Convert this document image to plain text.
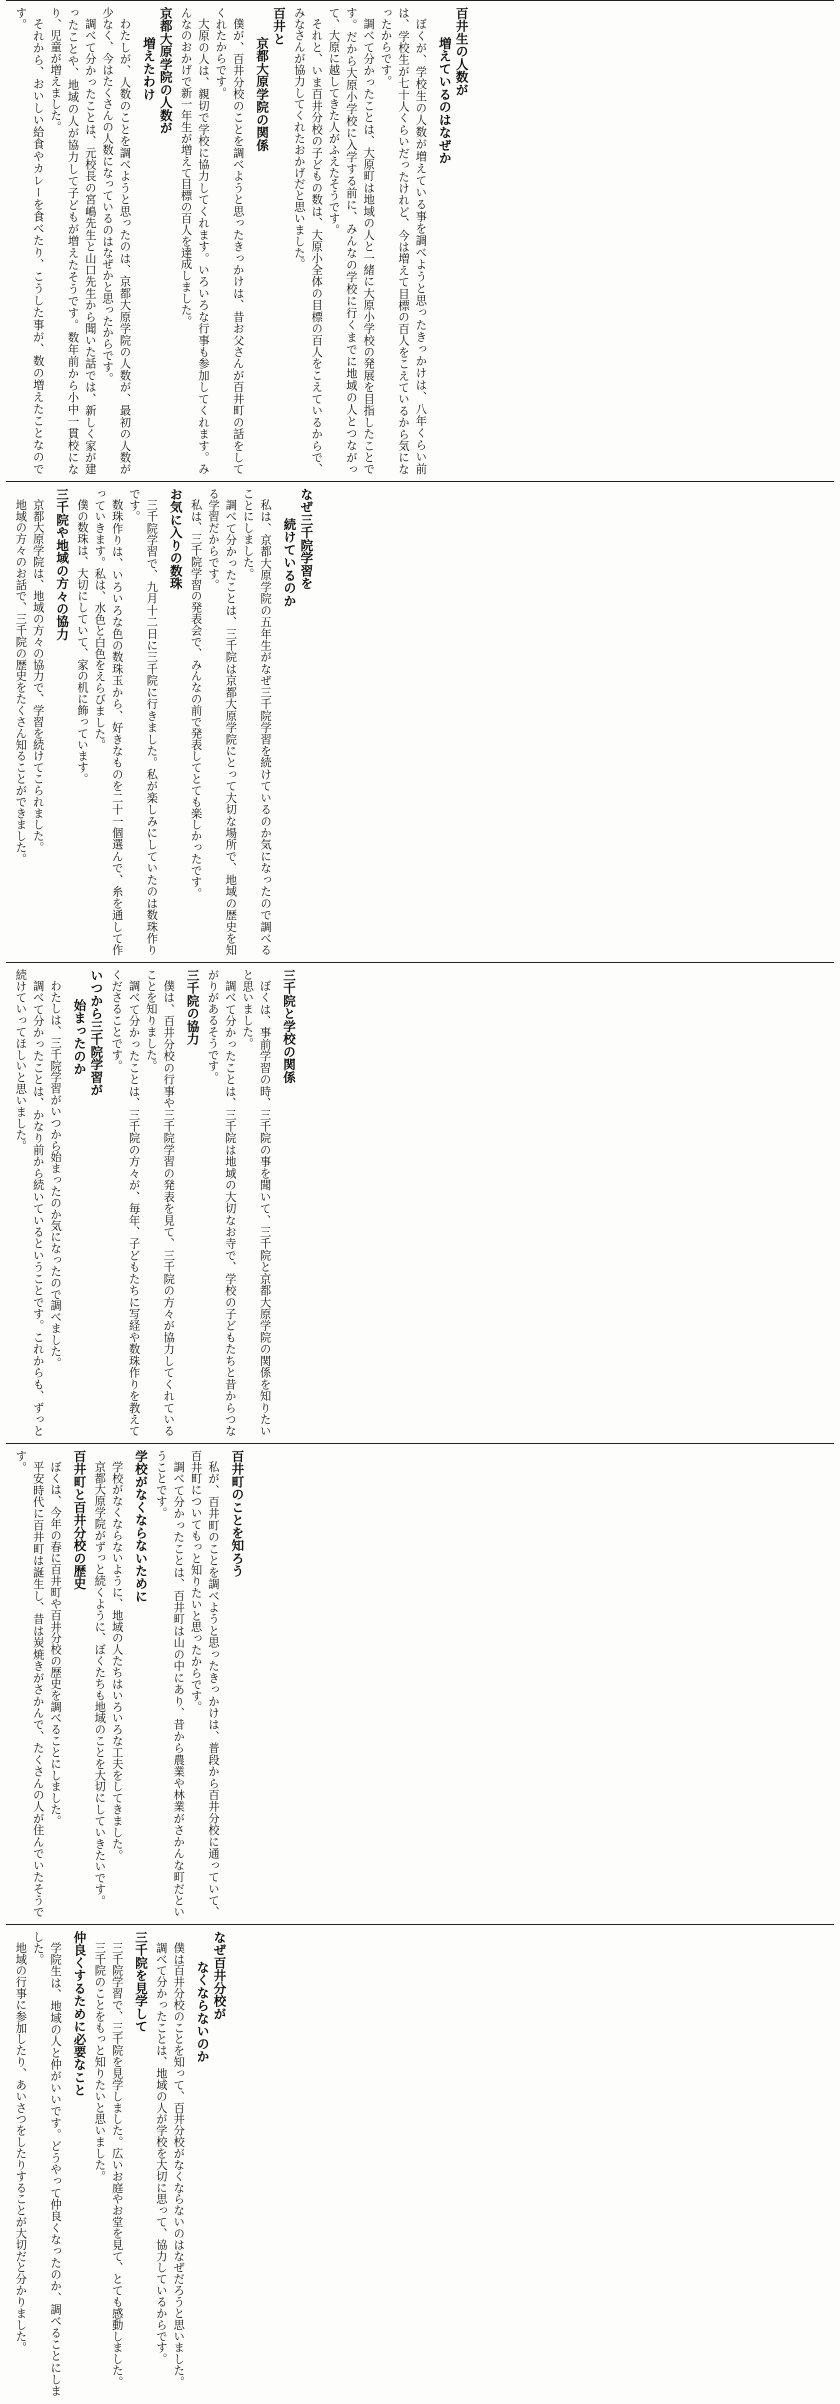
百井生の人数が
増えているのはなぜか
ぼくが、学校生の人数が増えている事を調べようと思ったきっかけは、八年くらい前は、学校生が七十人くらいだったけれど、今は増えて目標の百人をこえているから気になったからです。
調べて分かったことは、大原町は地域の人と一緒に大原小学校の発展を目指したことです。だから大原小学校に入学する前に、みんなの学校に行くまでに地域の人とつながって、大原に越してきた人がふえたそうです。
それと、いま百井分校の子どもの数は、大原小全体の目標の百人をこえているからで、みなさんが協力してくれたおかげだと思いました。
百井と
京都大原学院の関係
僕が、百井分校のことを調べようと思ったきっかけは、昔お父さんが百井町の話をしてくれたからです。
大原の人は、親切で学校に協力してくれます。いろいろな行事も参加してくれます。みんなのおかげで新一年生が増えて目標の百人を達成しました。
京都大原学院の人数が
増えたわけ
わたしが、人数のことを調べようと思ったのは、京都大原学院の人数が、最初の人数が少なく、今はたくさんの人数になっているのはなぜかと思ったからです。
調べて分かったことは、元校長の宮嶋先生と山口先生から聞いた話では、新しく家が建ったことや、地域の人が協力して子どもが増えたそうです。数年前から小中一貫校になり、児童が増えました。
それから、おいしい給食やカレーを食べたり、こうした事が、数の増えたことなのです。
なぜ三千院学習を
続けているのか
私は、京都大原学院の五年生がなぜ三千院学習を続けているのか気になったので調べることにしました。
調べて分かったことは、三千院は京都大原学院にとって大切な場所で、地域の歴史を知る学習だからです。
私は、三千院学習の発表会で、みんなの前で発表してとても楽しかったです。
お気に入りの数珠
三千院学習で、九月十二日に三千院に行きました。私が楽しみにしていたのは数珠作りです。
数珠作りは、いろいろな色の数珠玉から、好きなものを二十一個選んで、糸を通して作っていきます。私は、水色と白色をえらびました。
僕の数珠は、大切にしていて、家の机に飾っています。
三千院や地域の方々の協力
京都大原学院は、地域の方々の協力で、学習を続けてこられました。
地域の方々のお話で、三千院の歴史をたくさん知ることができました。
三千院と学校の関係
ぼくは、事前学習の時、三千院の事を聞いて、三千院と京都大原学院の関係を知りたいと思いました。
調べて分かったことは、三千院は地域の大切なお寺で、学校の子どもたちと昔からつながりがあるそうです。
三千院の協力
僕は、百井分校の行事や三千院学習の発表を見て、三千院の方々が協力してくれていることを知りました。
調べて分かったことは、三千院の方々が、毎年、子どもたちに写経や数珠作りを教えてくださることです。
いつから三千院学習が
始まったのか
わたしは、三千院学習がいつから始まったのか気になったので調べました。
調べて分かったことは、かなり前から続いているということです。これからも、ずっと続けていってほしいと思いました。
百井町のことを知ろう
私が、百井町のことを調べようと思ったきっかけは、普段から百井分校に通っていて、百井町についてもっと知りたいと思ったからです。
調べて分かったことは、百井町は山の中にあり、昔から農業や林業がさかんな町だということです。
学校がなくならないために
学校がなくならないように、地域の人たちはいろいろな工夫をしてきました。
京都大原学院がずっと続くように、ぼくたちも地域のことを大切にしていきたいです。
百井町と百井分校の歴史
ぼくは、今年の春に百井町や百井分校の歴史を調べることにしました。
平安時代に百井町は誕生し、昔は炭焼きがさかんで、たくさんの人が住んでいたそうです。
なぜ百井分校が
なくならないのか
僕は百井分校のことを知って、百井分校がなくならないのはなぜだろうと思いました。
調べて分かったことは、地域の人が学校を大切に思って、協力しているからです。
三千院を見学して
三千院学習で、三千院を見学しました。広いお庭やお堂を見て、とても感動しました。
三千院のことをもっと知りたいと思いました。
仲良くするために必要なこと
学院生は、地域の人と仲がいいです。どうやって仲良くなったのか、調べることにしました。
地域の行事に参加したり、あいさつをしたりすることが大切だと分かりました。
